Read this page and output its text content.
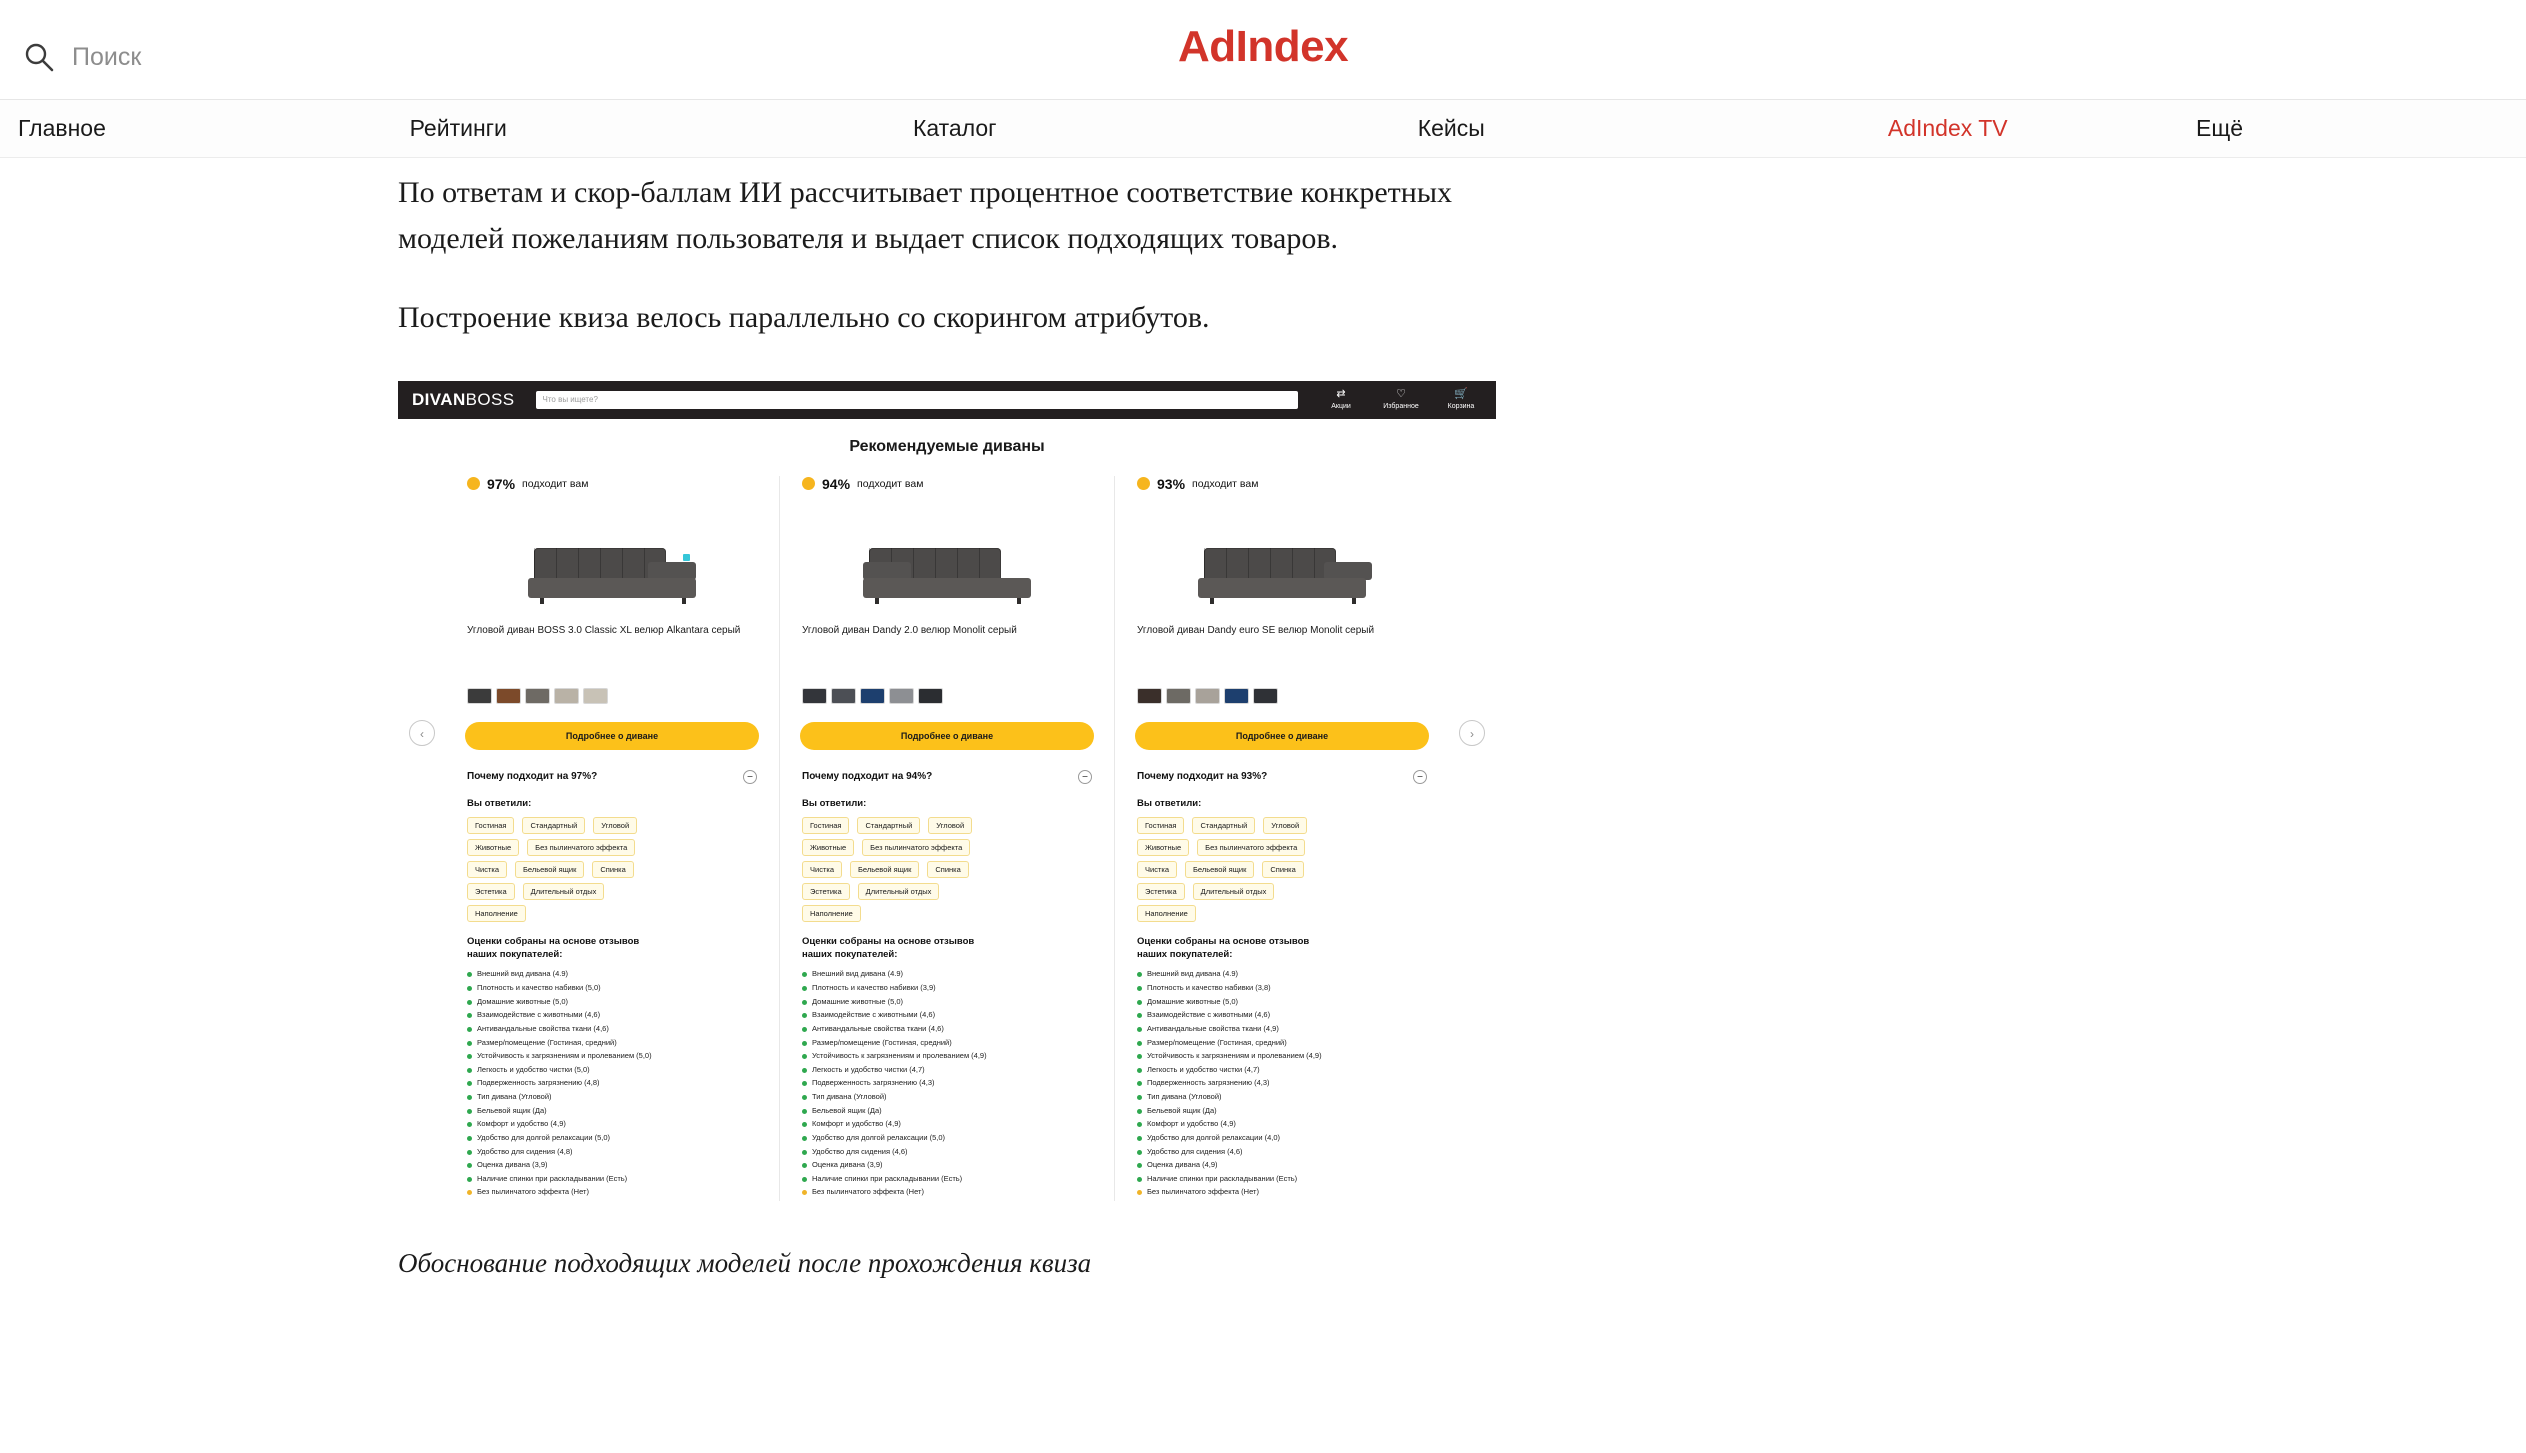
Поиск
AdIndex
Главное	Рейтинги	Каталог	Кейсы	AdIndex TV	Ещё

По ответам и скор-баллам ИИ рассчитывает процентное соответствие конкретных моделей пожеланиям пользователя и выдает список подходящих товаров.

Построение квиза велось параллельно со скорингом атрибутов.

DIVANBOSS	Что вы ищете?	⇄
Акции
♡
Избранное
🛒
Корзина
Рекомендуемые диваны
‹	›
97% подходит вам
Угловой диван BOSS 3.0 Classic XL велюр Alkantara серый
Подробнее о диване
Почему подходит на 97%?	–
Вы ответили:
Гостиная	Стандартный	Угловой
Животные	Без пылинчатого эффекта
Чистка	Бельевой ящик	Спинка
Эстетика	Длительный отдых
Наполнение
Оценки собраны на основе отзывов наших покупателей:
Внешний вид дивана (4.9)
Плотность и качество набивки (5,0)
Домашние животные (5,0)
Взаимодействие с животными (4,6)
Антивандальные свойства ткани (4,6)
Размер/помещение (Гостиная, средний)
Устойчивость к загрязнениям и пролеванием (5,0)
Легкость и удобство чистки (5,0)
Подверженность загрязнению (4,8)
Тип дивана (Угловой)
Бельевой ящик (Да)
Комфорт и удобство (4,9)
Удобство для долгой релаксации (5,0)
Удобство для сидения (4,8)
Оценка дивана (3,9)
Наличие спинки при раскладывании (Есть)
Без пылинчатого эффекта (Нет)
94% подходит вам
Угловой диван Dandy 2.0 велюр Monolit серый
Подробнее о диване
Почему подходит на 94%?	–
Вы ответили:
Гостиная	Стандартный	Угловой
Животные	Без пылинчатого эффекта
Чистка	Бельевой ящик	Спинка
Эстетика	Длительный отдых
Наполнение
Оценки собраны на основе отзывов наших покупателей:
Внешний вид дивана (4.9)
Плотность и качество набивки (3,9)
Домашние животные (5,0)
Взаимодействие с животными (4,6)
Антивандальные свойства ткани (4,6)
Размер/помещение (Гостиная, средний)
Устойчивость к загрязнениям и пролеванием (4,9)
Легкость и удобство чистки (4,7)
Подверженность загрязнению (4,3)
Тип дивана (Угловой)
Бельевой ящик (Да)
Комфорт и удобство (4,9)
Удобство для долгой релаксации (5,0)
Удобство для сидения (4,6)
Оценка дивана (3,9)
Наличие спинки при раскладывании (Есть)
Без пылинчатого эффекта (Нет)
93% подходит вам
Угловой диван Dandy euro SE велюр Monolit серый
Подробнее о диване
Почему подходит на 93%?	–
Вы ответили:
Гостиная	Стандартный	Угловой
Животные	Без пылинчатого эффекта
Чистка	Бельевой ящик	Спинка
Эстетика	Длительный отдых
Наполнение
Оценки собраны на основе отзывов наших покупателей:
Внешний вид дивана (4.9)
Плотность и качество набивки (3,8)
Домашние животные (5,0)
Взаимодействие с животными (4,6)
Антивандальные свойства ткани (4,9)
Размер/помещение (Гостиная, средний)
Устойчивость к загрязнениям и пролеванием (4,9)
Легкость и удобство чистки (4,7)
Подверженность загрязнению (4,3)
Тип дивана (Угловой)
Бельевой ящик (Да)
Комфорт и удобство (4,9)
Удобство для долгой релаксации (4,0)
Удобство для сидения (4,6)
Оценка дивана (4,9)
Наличие спинки при раскладывании (Есть)
Без пылинчатого эффекта (Нет)
Обоснование подходящих моделей после прохождения квиза
